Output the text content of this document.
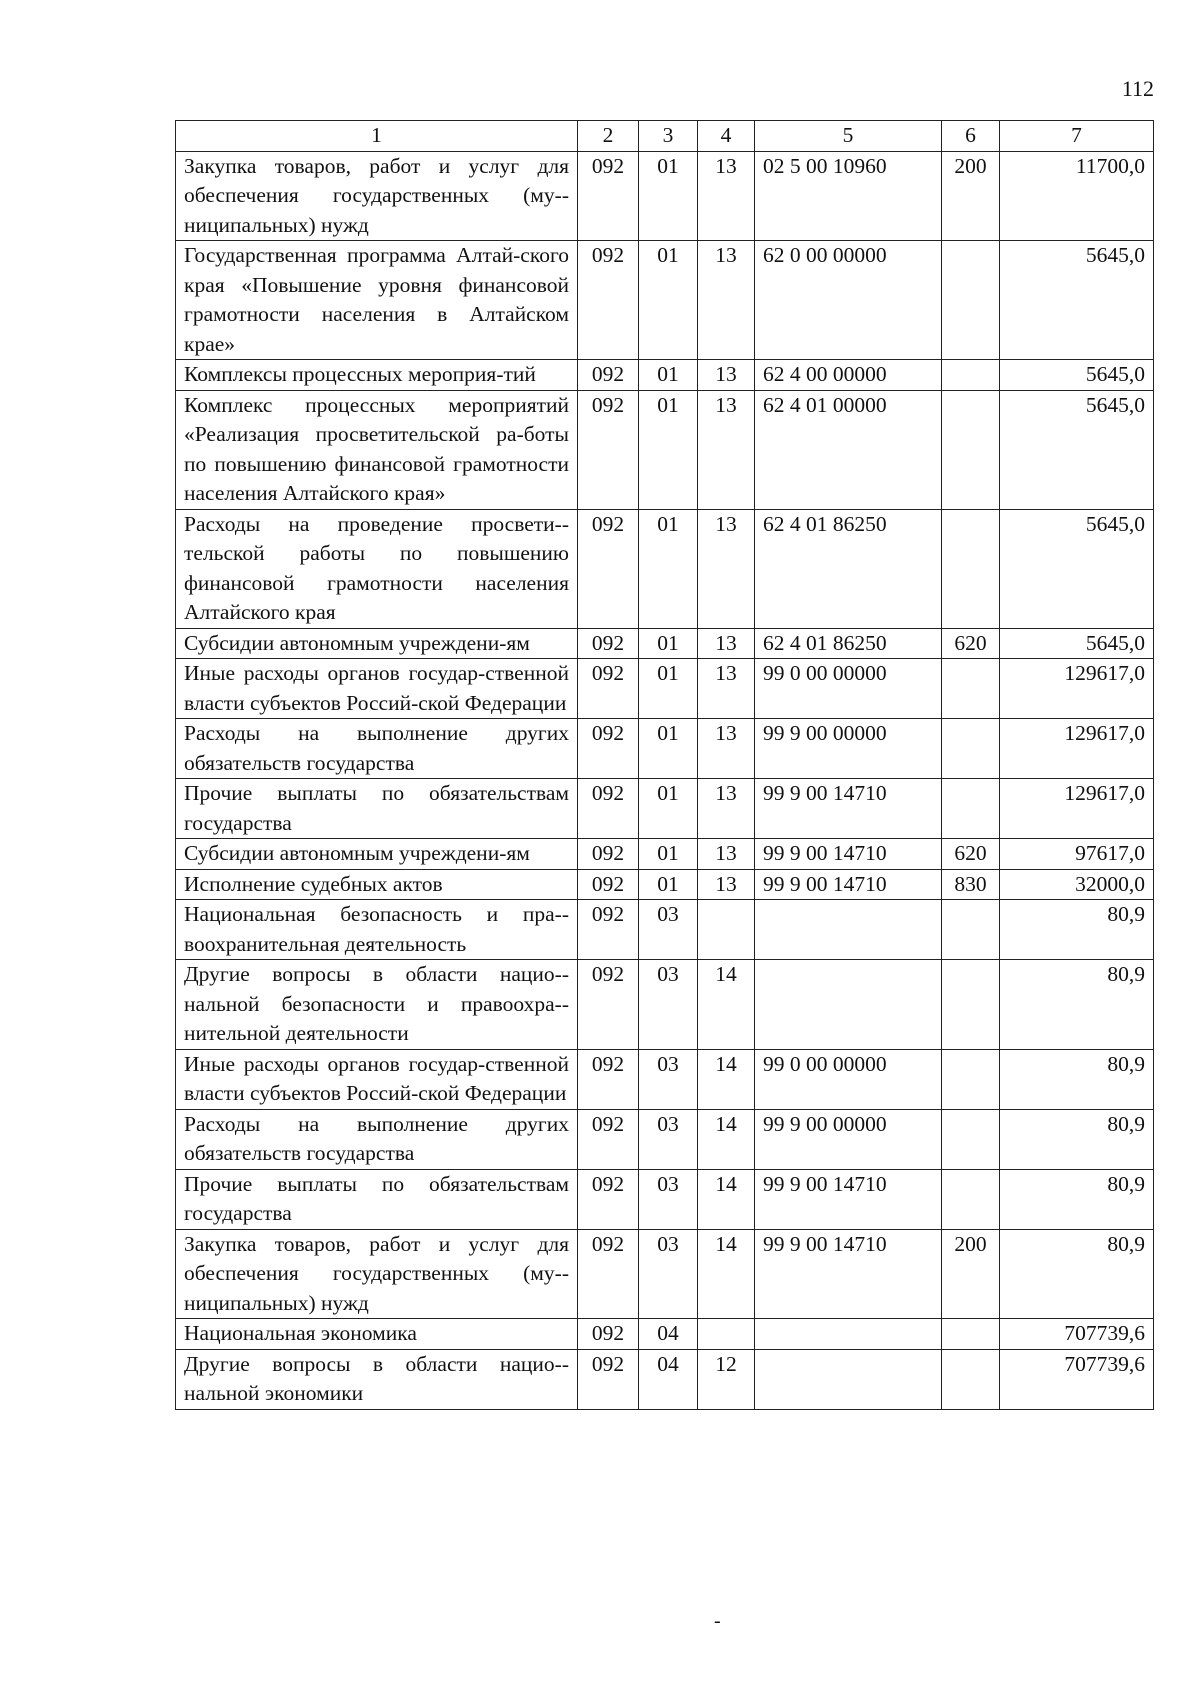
112
1	2	3	4	5	6	7
Закупка товаров, работ и услуг для обеспечения государственных (му-ниципальных) нужд	092	01	13	02 5 00 10960	200	11700,0
Государственная программа Алтай-ского края «Повышение уровня финансовой грамотности населения в Алтайском крае»	092	01	13	62 0 00 00000		5645,0
Комплексы процессных мероприя-тий	092	01	13	62 4 00 00000		5645,0
Комплекс процессных мероприятий «Реализация просветительской ра-боты по повышению финансовой грамотности населения Алтайского края»	092	01	13	62 4 01 00000		5645,0
Расходы на проведение просвети-тельской работы по повышению финансовой грамотности населения Алтайского края	092	01	13	62 4 01 86250		5645,0
Субсидии автономным учреждени-ям	092	01	13	62 4 01 86250	620	5645,0
Иные расходы органов государ-ственной власти субъектов Россий-ской Федерации	092	01	13	99 0 00 00000		129617,0
Расходы на выполнение других обязательств государства	092	01	13	99 9 00 00000		129617,0
Прочие выплаты по обязательствам государства	092	01	13	99 9 00 14710		129617,0
Субсидии автономным учреждени-ям	092	01	13	99 9 00 14710	620	97617,0
Исполнение судебных актов	092	01	13	99 9 00 14710	830	32000,0
Национальная безопасность и пра-воохранительная деятельность	092	03				80,9
Другие вопросы в области нацио-нальной безопасности и правоохра-нительной деятельности	092	03	14			80,9
Иные расходы органов государ-ственной власти субъектов Россий-ской Федерации	092	03	14	99 0 00 00000		80,9
Расходы на выполнение других обязательств государства	092	03	14	99 9 00 00000		80,9
Прочие выплаты по обязательствам государства	092	03	14	99 9 00 14710		80,9
Закупка товаров, работ и услуг для обеспечения государственных (му-ниципальных) нужд	092	03	14	99 9 00 14710	200	80,9
Национальная экономика	092	04				707739,6
Другие вопросы в области нацио-нальной экономики	092	04	12			707739,6
-
